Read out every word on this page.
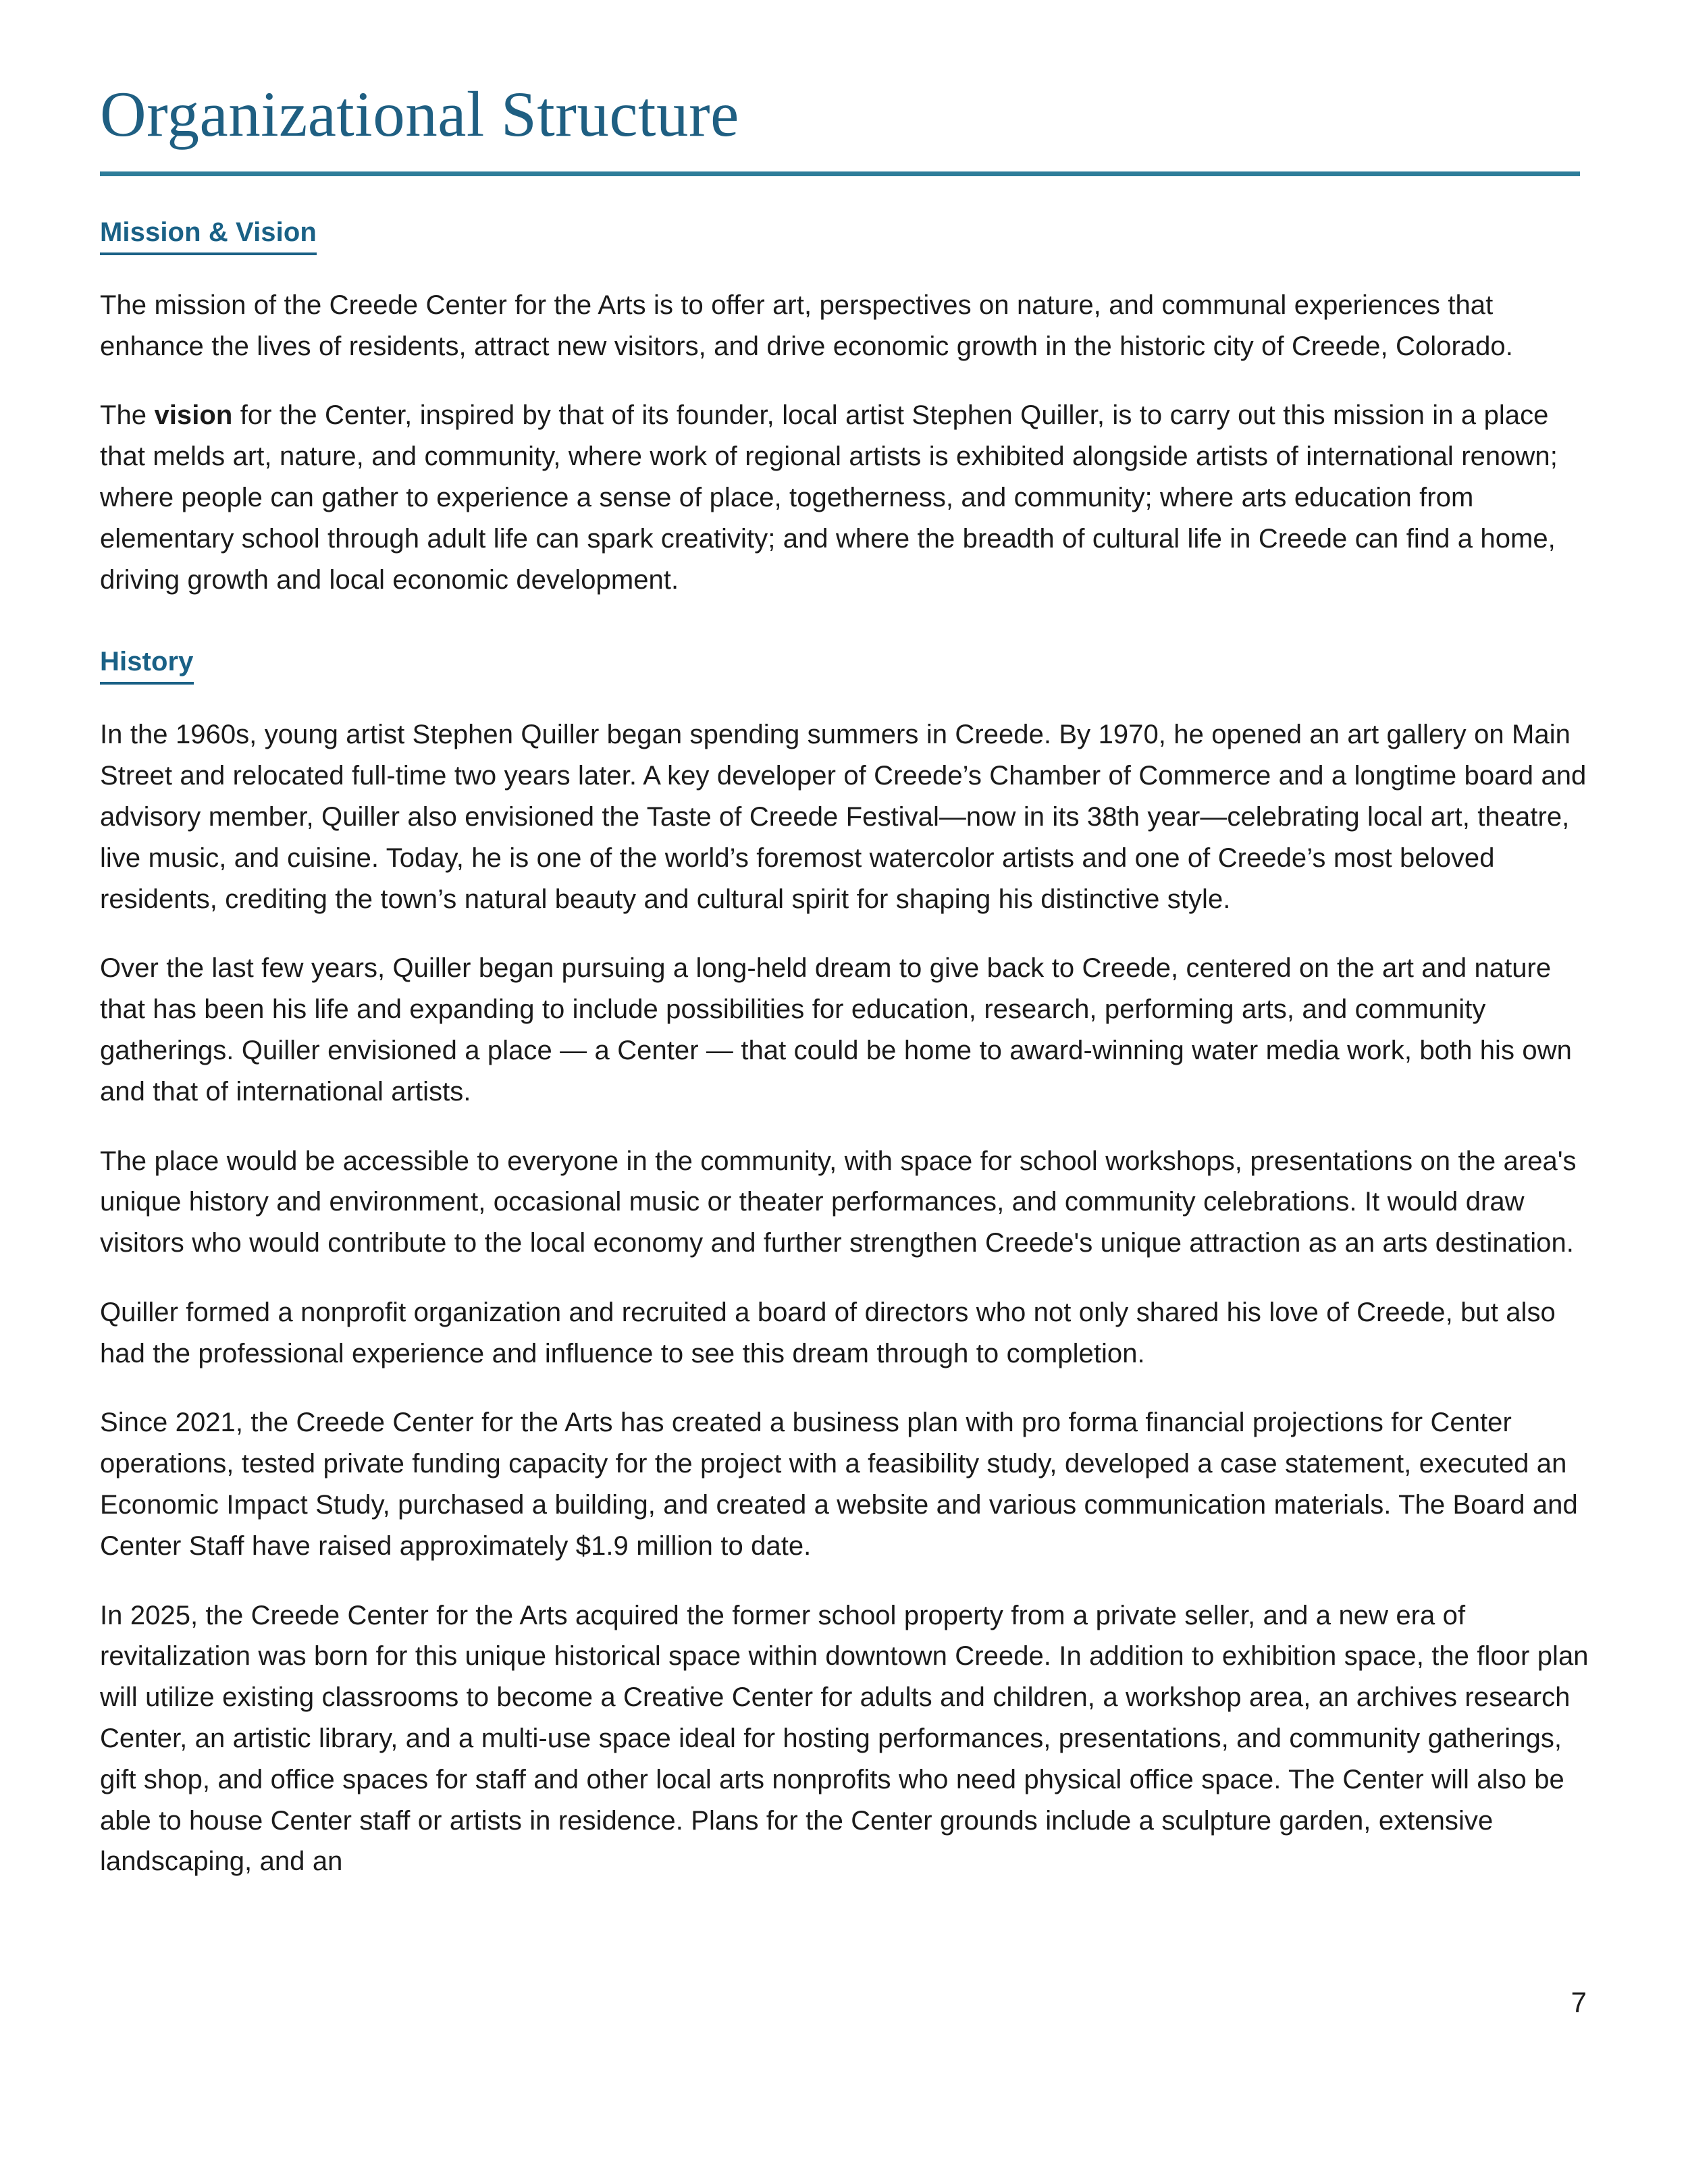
Organizational Structure
Mission & Vision

The mission of the Creede Center for the Arts is to offer art, perspectives on nature, and communal experiences that enhance the lives of residents, attract new visitors, and drive economic growth in the historic city of Creede, Colorado.

The vision for the Center, inspired by that of its founder, local artist Stephen Quiller, is to carry out this mission in a place that melds art, nature, and community, where work of regional artists is exhibited alongside artists of international renown; where people can gather to experience a sense of place, togetherness, and community; where arts education from elementary school through adult life can spark creativity; and where the breadth of cultural life in Creede can find a home, driving growth and local economic development.

History

In the 1960s, young artist Stephen Quiller began spending summers in Creede. By 1970, he opened an art gallery on Main Street and relocated full-time two years later. A key developer of Creede’s Chamber of Commerce and a longtime board and advisory member, Quiller also envisioned the Taste of Creede Festival—now in its 38th year—celebrating local art, theatre, live music, and cuisine. Today, he is one of the world’s foremost watercolor artists and one of Creede’s most beloved residents, crediting the town’s natural beauty and cultural spirit for shaping his distinctive style.

Over the last few years, Quiller began pursuing a long-held dream to give back to Creede, centered on the art and nature that has been his life and expanding to include possibilities for education, research, performing arts, and community gatherings. Quiller envisioned a place — a Center — that could be home to award-winning water media work, both his own and that of international artists.

The place would be accessible to everyone in the community, with space for school workshops, presentations on the area's unique history and environment, occasional music or theater performances, and community celebrations. It would draw visitors who would contribute to the local economy and further strengthen Creede's unique attraction as an arts destination.

Quiller formed a nonprofit organization and recruited a board of directors who not only shared his love of Creede, but also had the professional experience and influence to see this dream through to completion.

Since 2021, the Creede Center for the Arts has created a business plan with pro forma financial projections for Center operations, tested private funding capacity for the project with a feasibility study, developed a case statement, executed an Economic Impact Study, purchased a building, and created a website and various communication materials. The Board and Center Staff have raised approximately $1.9 million to date.

In 2025, the Creede Center for the Arts acquired the former school property from a private seller, and a new era of revitalization was born for this unique historical space within downtown Creede. In addition to exhibition space, the floor plan will utilize existing classrooms to become a Creative Center for adults and children, a workshop area, an archives research Center, an artistic library, and a multi-use space ideal for hosting performances, presentations, and community gatherings, gift shop, and office spaces for staff and other local arts nonprofits who need physical office space. The Center will also be able to house Center staff or artists in residence. Plans for the Center grounds include a sculpture garden, extensive landscaping, and an

7
